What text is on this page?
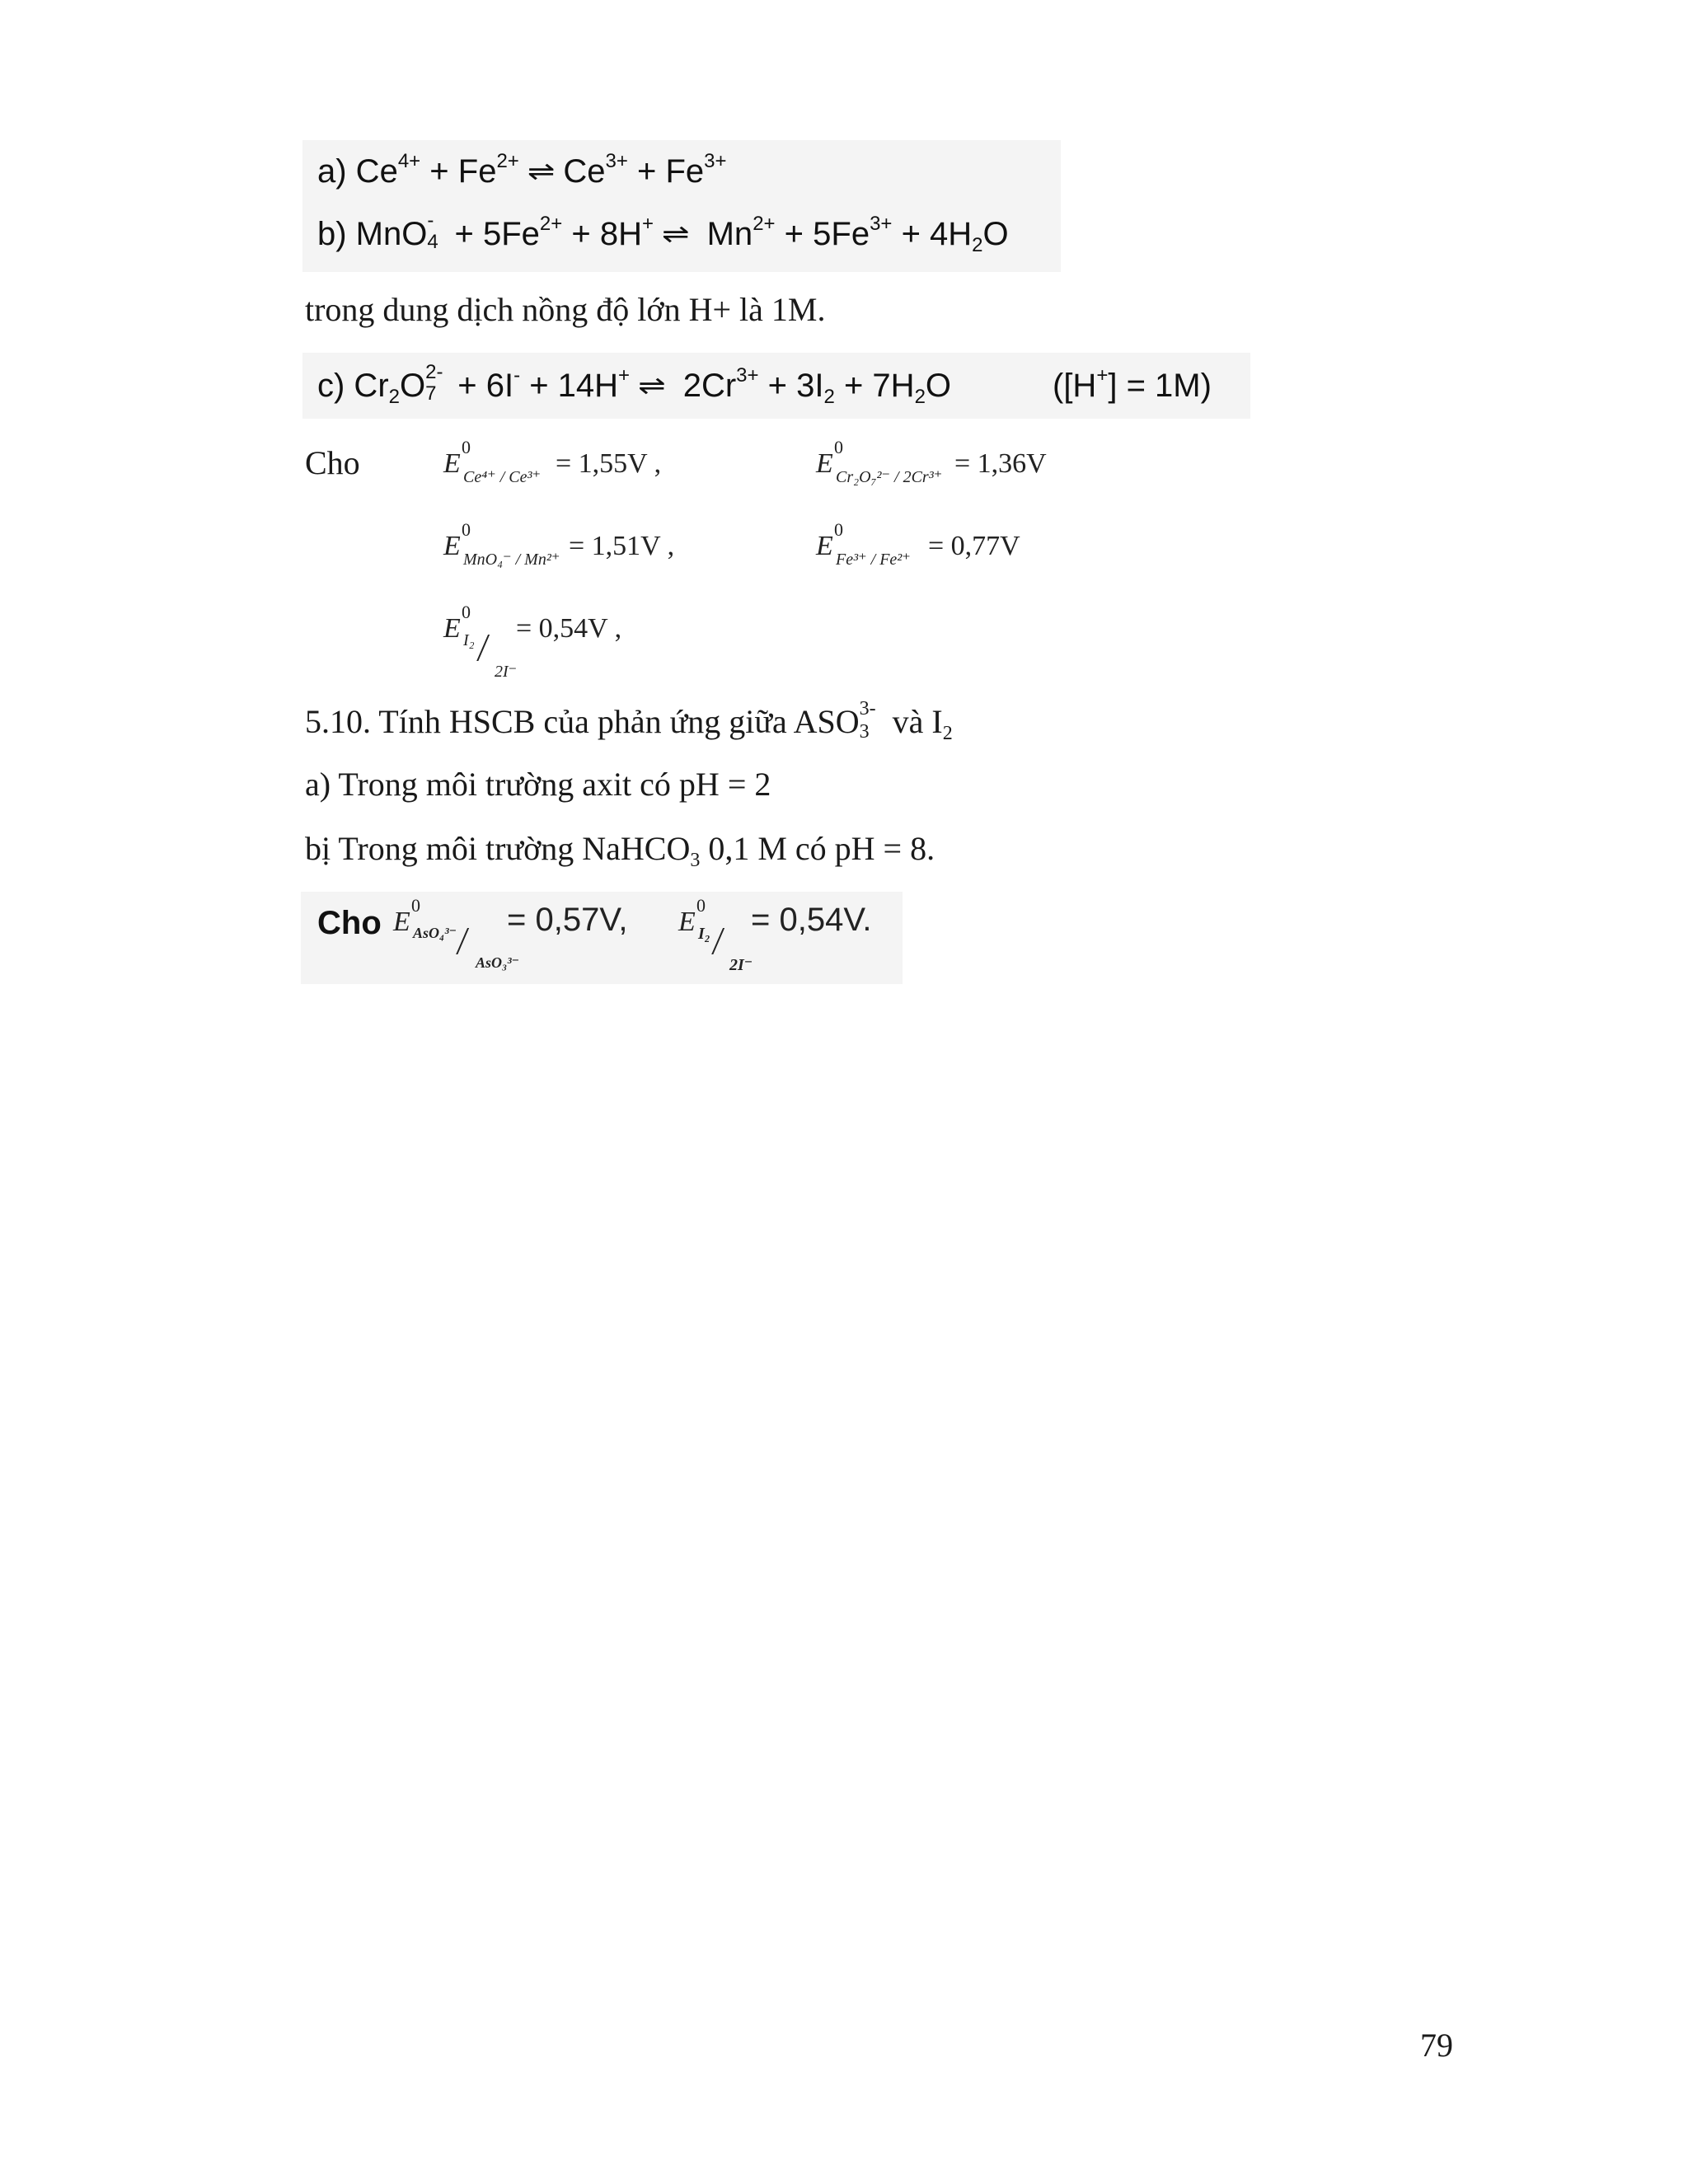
a) $Ce^{4+} + Fe^{2+}$ ⇌ $Ce^{3+} + Fe^{3+}$
b) MnO -
$4 + 5Fe^{2+} + 8H^+$ ⇌ $Mn^{2+} + 5Fe^{3+} + 4H_2O$
trong dung dịch nồng độ lớn H+ là 1M.
c) $Cr_2O$ 2-
7 + 6I- + 14H+ ⇌ $2Cr^{3+} + 3I_2 + 7H_2O$	([H+] = 1M)
Cho	E
0
Ce⁴⁺ / Ce³⁺ = 1,55V ,	E
0
Cr₂O₇²⁻ / 2Cr³⁺ = 1,36V
E
0
MnO₄⁻ / Mn²⁺ = 1,51V ,	E
0
Fe³⁺ / Fe²⁺ = 0,77V
E
0
I₂ /
2I⁻
= 0,54V ,
5.10. Tính HSCB của phản ứng giữa ASO 3-
3 và $I_2$
a) Trong môi trường axit có pH = 2
bị Trong môi trường NaHCO$_3$ 0,1 M có pH = 8.
Cho E
0
AsO₄³⁻ / AsO₃³⁻
= 0,57V, E
0
I₂ /
2I⁻
= 0,54V.
79
